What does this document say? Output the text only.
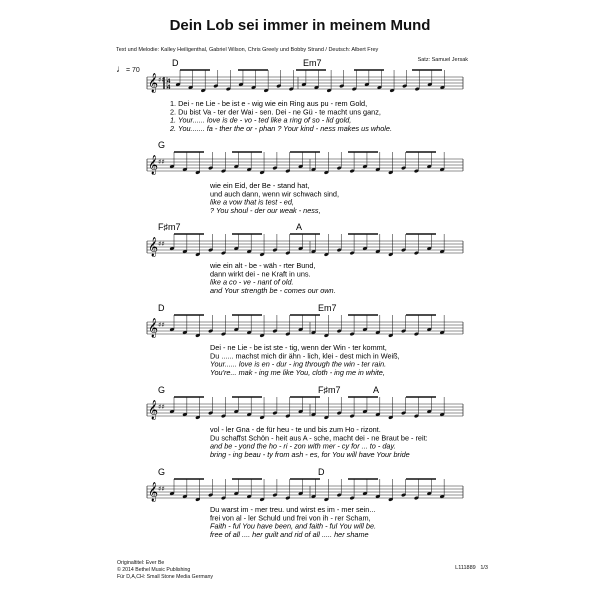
Dein Lob sei immer in meinem Mund
Text und Melodie: Kalley Heiligenthal, Gabriel Wilson, Chris Greely und Bobby Strand / Deutsch: Albert Frey
Satz: Samuel Jersak
♩= 70
𝄞 ♯♯ 4
4
D	Em7
1. Dei - ne Lie - be ist e - wig wie ein Ring aus pu - rem Gold,
2. Du bist Va - ter der Wai - sen. Dei - ne Gü - te macht uns ganz,
1. Your...... love is de - vo - ted like a ring of so - lid gold,
2. You....... fa - ther the or - phan ? Your kind - ness makes us whole.
𝄞 ♯♯
G
wie ein Eid, der Be - stand hat,
und auch dann, wenn wir schwach sind,
like a vow that is test - ed,
? You shoul - der our weak - ness,
𝄞 ♯♯
F♯m7	A
wie ein alt - be - wäh - rter Bund,
dann wirkt dei - ne Kraft in uns.
like a co - ve - nant of old.
and Your strength be - comes our own.
𝄞 ♯♯
D	Em7
Dei - ne Lie - be ist ste - tig, wenn der Win - ter kommt,
Du ...... machst mich dir ähn - lich, klei - dest mich in Weiß,
Your...... love is en - dur - ing through the win - ter rain.
You're... mak - ing me like You, cloth - ing me in white,
𝄞 ♯♯
G	F♯m7	A
vol - ler Gna - de für heu - te und bis zum Ho - rizont.
Du schaffst Schön - heit aus A - sche, macht dei - ne Braut be - reit:
and be - yond the ho - ri - zon with mer - cy for ... to - day.
bring - ing beau - ty from ash - es, for You will have Your bride
𝄞 ♯♯
G	D
Du warst im - mer treu. und wirst es im - mer sein...
frei von al - ler Schuld und frei von ih - rer Scham,
Faith - ful You have been, and faith - ful You will be.
free of all .... her guilt and rid of all ..... her shame
Originaltitel: Ever Be
© 2014 Bethel Music Publishing
Für D,A,CH: Small Stone Media Germany
L111889 1/3
